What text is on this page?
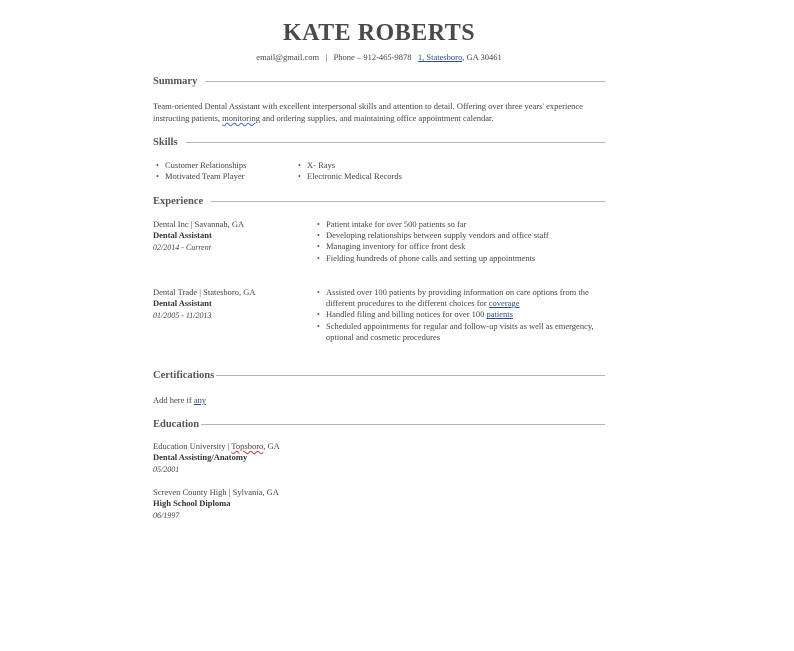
KATE ROBERTS
email@gmail.com | Phone – 912-465-9878 1, Statesboro, GA 30461
Summary
Team-oriented Dental Assistant with excellent interpersonal skills and attention to detail. Offering over three years' experience instructing patients, monitoring and ordering supplies, and maintaining office appointment calendar.
Skills
• Customer Relationships
• Motivated Team Player
• X- Rays
• Electronic Medical Records
Experience
Dental Inc | Savannah, GA
Dental Assistant
02/2014 - Current
• Patient intake for over 500 patients so far
• Developing relationships between supply vendors and office staff
• Managing inventory for office front desk
• Fielding hundreds of phone calls and setting up appointments
Dental Trade | Statesboro, GA
Dental Assistant
01/2005 - 11/2013
• Assisted over 100 patients by providing information on care options from the different procedures to the different choices for coverage
• Handled filing and billing notices for over 100 patients
• Scheduled appointments for regular and follow-up visits as well as emergency, optional and cosmetic procedures
Certifications
Add here if any
Education
Education University | Topsboro, GA
Dental Assisting/Anatomy
05/2001
Screven County High | Sylvania, GA
High School Diploma
06/1997
